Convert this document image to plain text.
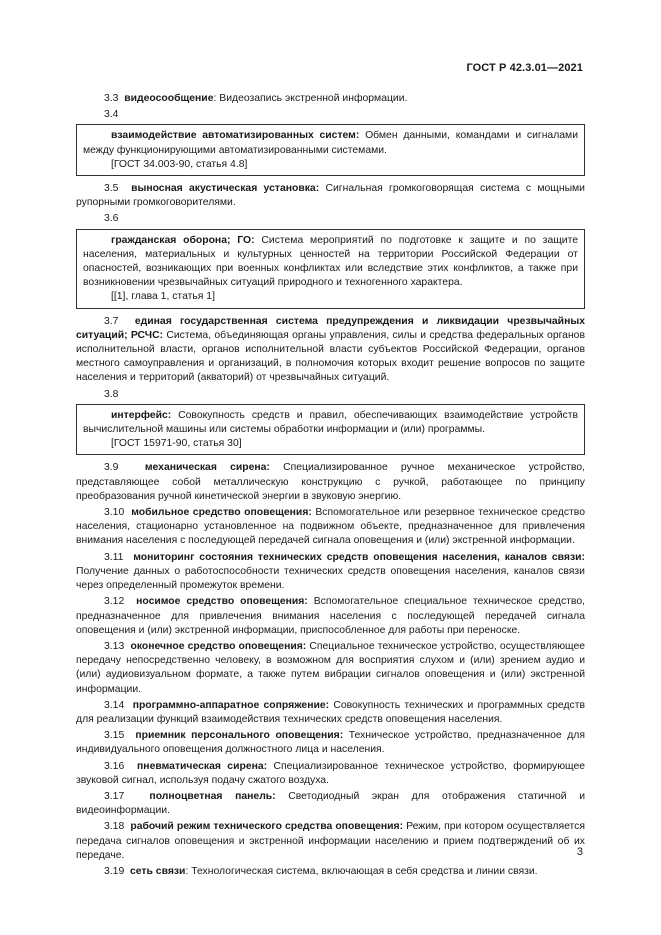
ГОСТ Р 42.3.01—2021

3.3 видеосообщение: Видеозапись экстренной информации.

3.4

взаимодействие автоматизированных систем: Обмен данными, командами и сигналами между функционирующими автоматизированными системами.

[ГОСТ 34.003-90, статья 4.8]

3.5 выносная акустическая установка: Сигнальная громкоговорящая система с мощными рупорными громкоговорителями.

3.6

гражданская оборона; ГО: Система мероприятий по подготовке к защите и по защите населения, материальных и культурных ценностей на территории Российской Федерации от опасностей, возникающих при военных конфликтах или вследствие этих конфликтов, а также при возникновении чрезвычайных ситуаций природного и техногенного характера.

[[1], глава 1, статья 1]

3.7 единая государственная система предупреждения и ликвидации чрезвычайных ситуаций; РСЧС: Система, объединяющая органы управления, силы и средства федеральных органов исполнительной власти, органов исполнительной власти субъектов Российской Федерации, органов местного самоуправления и организаций, в полномочия которых входит решение вопросов по защите населения и территорий (акваторий) от чрезвычайных ситуаций.

3.8

интерфейс: Совокупность средств и правил, обеспечивающих взаимодействие устройств вычислительной машины или системы обработки информации и (или) программы.

[ГОСТ 15971-90, статья 30]

3.9	механическая сирена: Специализированное ручное механическое устройство, представляющее собой металлическую конструкцию с ручкой, работающее по принципу преобразования ручной кинетической энергии в звуковую энергию.

3.10 мобильное средство оповещения: Вспомогательное или резервное техническое средство населения, стационарно установленное на подвижном объекте, предназначенное для привлечения внимания населения с последующей передачей сигнала оповещения и (или) экстренной информации.

3.11 мониторинг состояния технических средств оповещения населения, каналов связи: Получение данных о работоспособности технических средств оповещения населения, каналов связи через определенный промежуток времени.

3.12 носимое средство оповещения: Вспомогательное специальное техническое средство, предназначенное для привлечения внимания населения с последующей передачей сигнала оповещения и (или) экстренной информации, приспособленное для работы при переноске.

3.13 оконечное средство оповещения: Специальное техническое устройство, осуществляющее передачу непосредственно человеку, в возможном для восприятия слухом и (или) зрением аудио и (или) аудиовизуальном формате, а также путем вибрации сигналов оповещения и (или) экстренной информации.

3.14 программно-аппаратное сопряжение: Совокупность технических и программных средств для реализации функций взаимодействия технических средств оповещения населения.

3.15 приемник персонального оповещения: Техническое устройство, предназначенное для индивидуального оповещения должностного лица и населения.

3.16 пневматическая сирена: Специализированное техническое устройство, формирующее звуковой сигнал, используя подачу сжатого воздуха.

3.17 полноцветная панель: Светодиодный экран для отображения статичной и видеоинформации.

3.18 рабочий режим технического средства оповещения: Режим, при котором осуществляется передача сигналов оповещения и экстренной информации населению и прием подтверждений об их передаче.

3.19 сеть связи: Технологическая система, включающая в себя средства и линии связи.

3
